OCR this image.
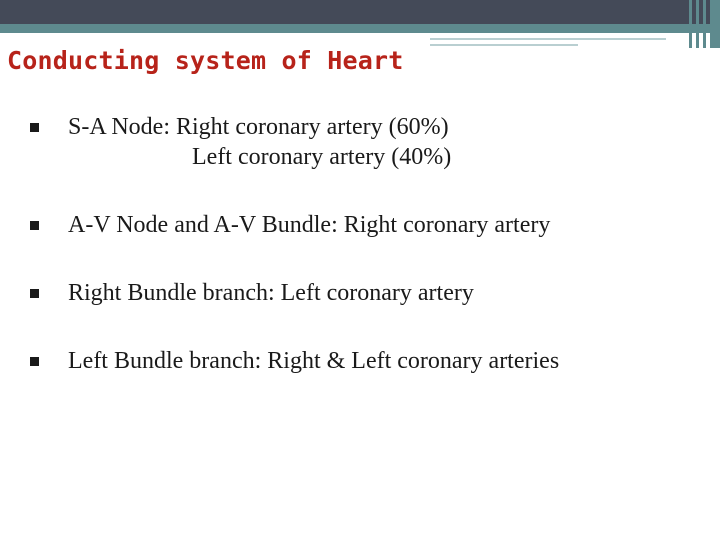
Conducting system of Heart
S-A Node: Right coronary artery (60%)
Left coronary artery (40%)
A-V Node and A-V Bundle: Right coronary artery
Right Bundle branch: Left coronary artery
Left Bundle branch: Right & Left coronary arteries
